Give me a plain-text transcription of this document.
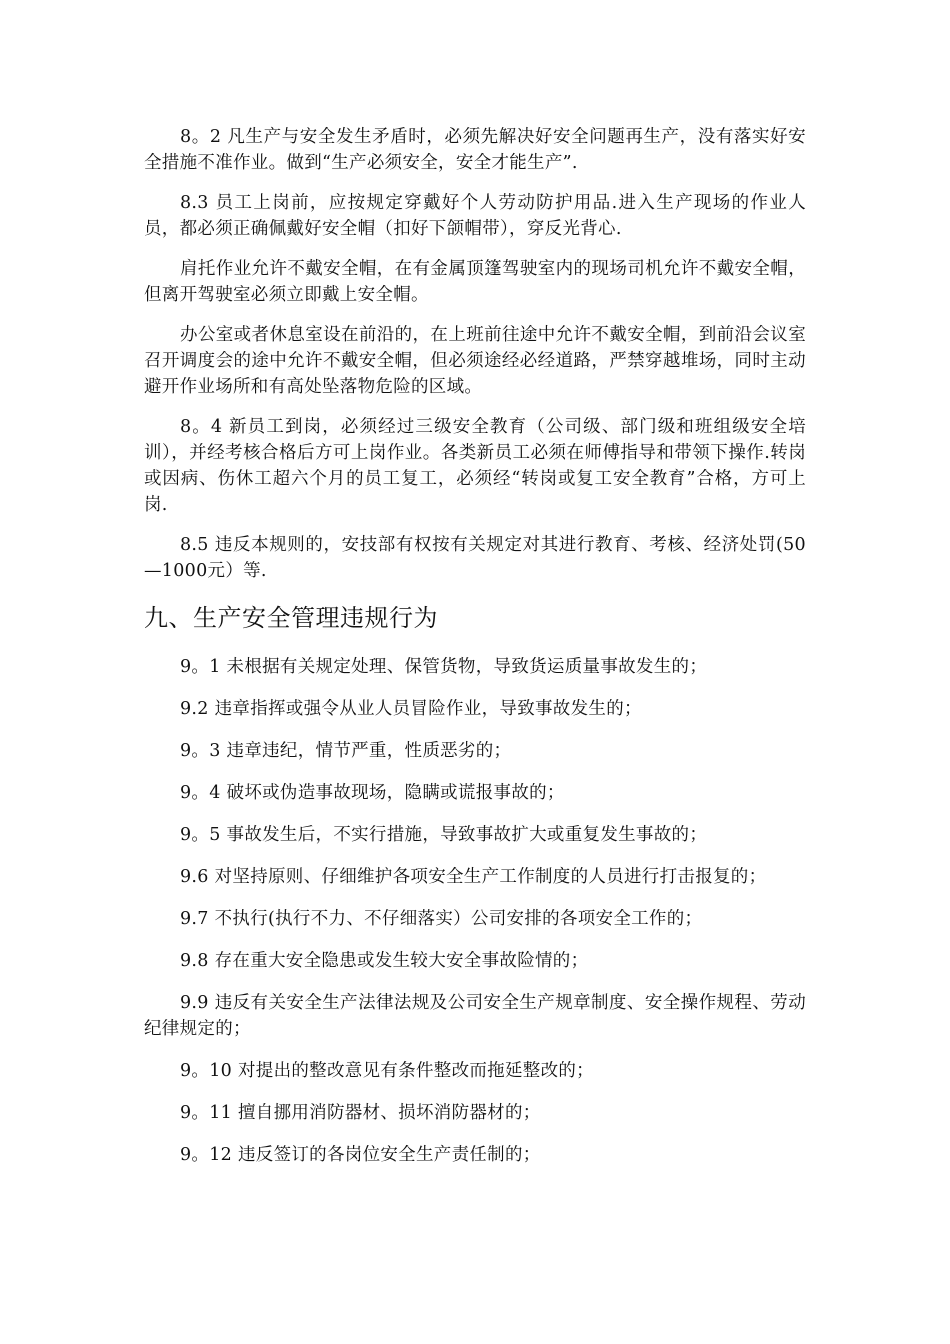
8。2 凡生产与安全发生矛盾时，必须先解决好安全问题再生产，没有落实好安全措施不准作业。做到“生产必须安全，安全才能生产”.

8.3 员工上岗前，应按规定穿戴好个人劳动防护用品.进入生产现场的作业人员，都必须正确佩戴好安全帽（扣好下颌帽带），穿反光背心.

肩托作业允许不戴安全帽，在有金属顶篷驾驶室内的现场司机允许不戴安全帽，但离开驾驶室必须立即戴上安全帽。

办公室或者休息室设在前沿的，在上班前往途中允许不戴安全帽，到前沿会议室召开调度会的途中允许不戴安全帽，但必须途经必经道路，严禁穿越堆场，同时主动避开作业场所和有高处坠落物危险的区域。

8。4 新员工到岗，必须经过三级安全教育（公司级、部门级和班组级安全培训），并经考核合格后方可上岗作业。各类新员工必须在师傅指导和带领下操作.转岗或因病、伤休工超六个月的员工复工，必须经“转岗或复工安全教育”合格，方可上岗.

8.5 违反本规则的，安技部有权按有关规定对其进行教育、考核、经济处罚(50—1000元）等.

九、生产安全管理违规行为

9。1 未根据有关规定处理、保管货物，导致货运质量事故发生的；

9.2 违章指挥或强令从业人员冒险作业，导致事故发生的；

9。3 违章违纪，情节严重，性质恶劣的；

9。4 破坏或伪造事故现场，隐瞒或谎报事故的；

9。5 事故发生后，不实行措施，导致事故扩大或重复发生事故的；

9.6 对坚持原则、仔细维护各项安全生产工作制度的人员进行打击报复的；

9.7 不执行(执行不力、不仔细落实）公司安排的各项安全工作的；

9.8 存在重大安全隐患或发生较大安全事故险情的；

9.9 违反有关安全生产法律法规及公司安全生产规章制度、安全操作规程、劳动纪律规定的；

9。10 对提出的整改意见有条件整改而拖延整改的；

9。11 擅自挪用消防器材、损坏消防器材的；

9。12 违反签订的各岗位安全生产责任制的；
